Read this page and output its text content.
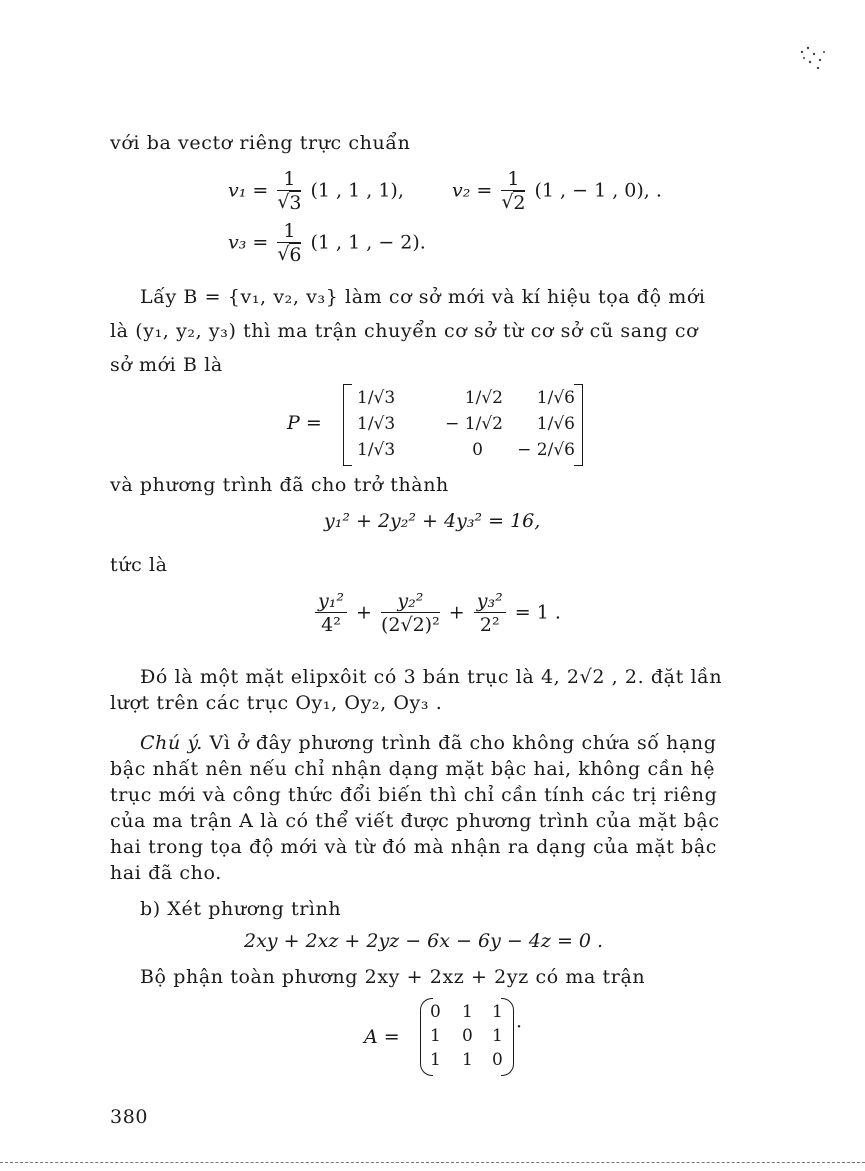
với ba vectơ riêng trực chuẩn
v₁ = 1
√ 3 (1 , 1 , 1),	v₂ = 1
√ 2 (1 , − 1 , 0), .
v₃ = 1
√ 6 (1 , 1 , − 2).
Lấy B = {v₁, v₂, v₃} làm cơ sở mới và kí hiệu tọa độ mới
là (y₁, y₂, y₃) thì ma trận chuyển cơ sở từ cơ sở cũ sang cơ
sở mới B là
P =
1/√3
1/√3
1/√3
1/√2
− 1/√2
0
1/√6
1/√6
− 2/√6
và phương trình đã cho trở thành
y₁² + 2y₂² + 4y₃² = 16,
tức là
$\frac{\text{y₁²}}{\text{4²}} + \frac{\text{y₂²}}{\text{(2√2)²}} + \frac{\text{y₃²}}{\text{2²}} = 1$ .
Đó là một mặt elipxôit có 3 bán trục là 4, 2√2 , 2. đặt lần
lượt trên các trục Oy₁, Oy₂, Oy₃ .
Chú ý. Vì ở đây phương trình đã cho không chứa số hạng
bậc nhất nên nếu chỉ nhận dạng mặt bậc hai, không cần hệ
trục mới và công thức đổi biến thì chỉ cần tính các trị riêng
của ma trận A là có thể viết được phương trình của mặt bậc
hai trong tọa độ mới và từ đó mà nhận ra dạng của mặt bậc
hai đã cho.
b) Xét phương trình
2xy + 2xz + 2yz − 6x − 6y − 4z = 0 .
Bộ phận toàn phương 2xy + 2xz + 2yz có ma trận
A =
0 1 1
1 0 1
1 1 0
·
380
